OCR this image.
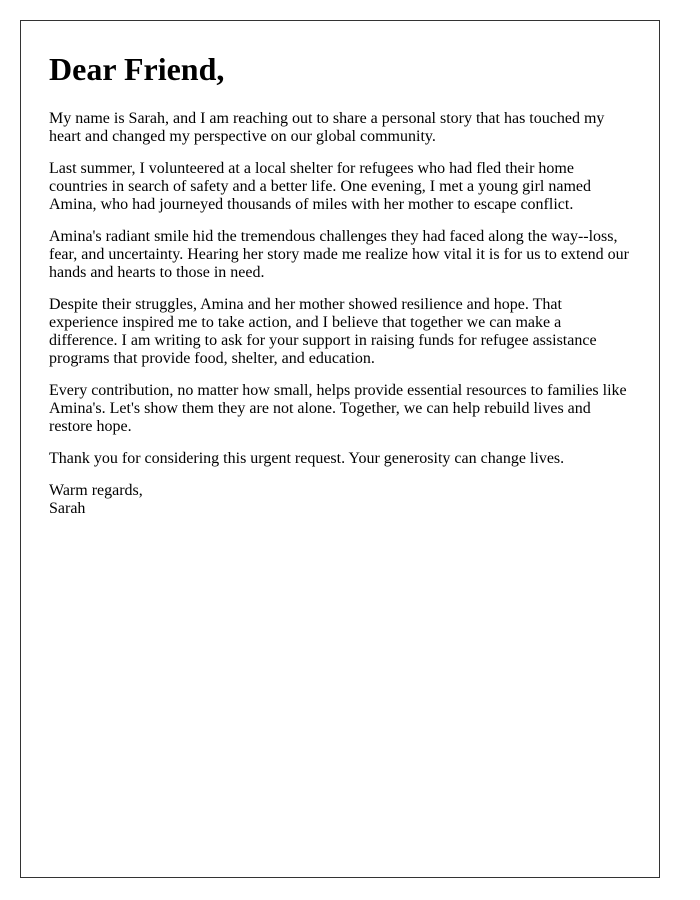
Dear Friend,

My name is Sarah, and I am reaching out to share a personal story that has touched my
heart and changed my perspective on our global community.

Last summer, I volunteered at a local shelter for refugees who had fled their home
countries in search of safety and a better life. One evening, I met a young girl named
Amina, who had journeyed thousands of miles with her mother to escape conflict.

Amina's radiant smile hid the tremendous challenges they had faced along the way--loss,
fear, and uncertainty. Hearing her story made me realize how vital it is for us to extend our
hands and hearts to those in need.

Despite their struggles, Amina and her mother showed resilience and hope. That
experience inspired me to take action, and I believe that together we can make a
difference. I am writing to ask for your support in raising funds for refugee assistance
programs that provide food, shelter, and education.

Every contribution, no matter how small, helps provide essential resources to families like
Amina's. Let's show them they are not alone. Together, we can help rebuild lives and
restore hope.

Thank you for considering this urgent request. Your generosity can change lives.

Warm regards,
Sarah
